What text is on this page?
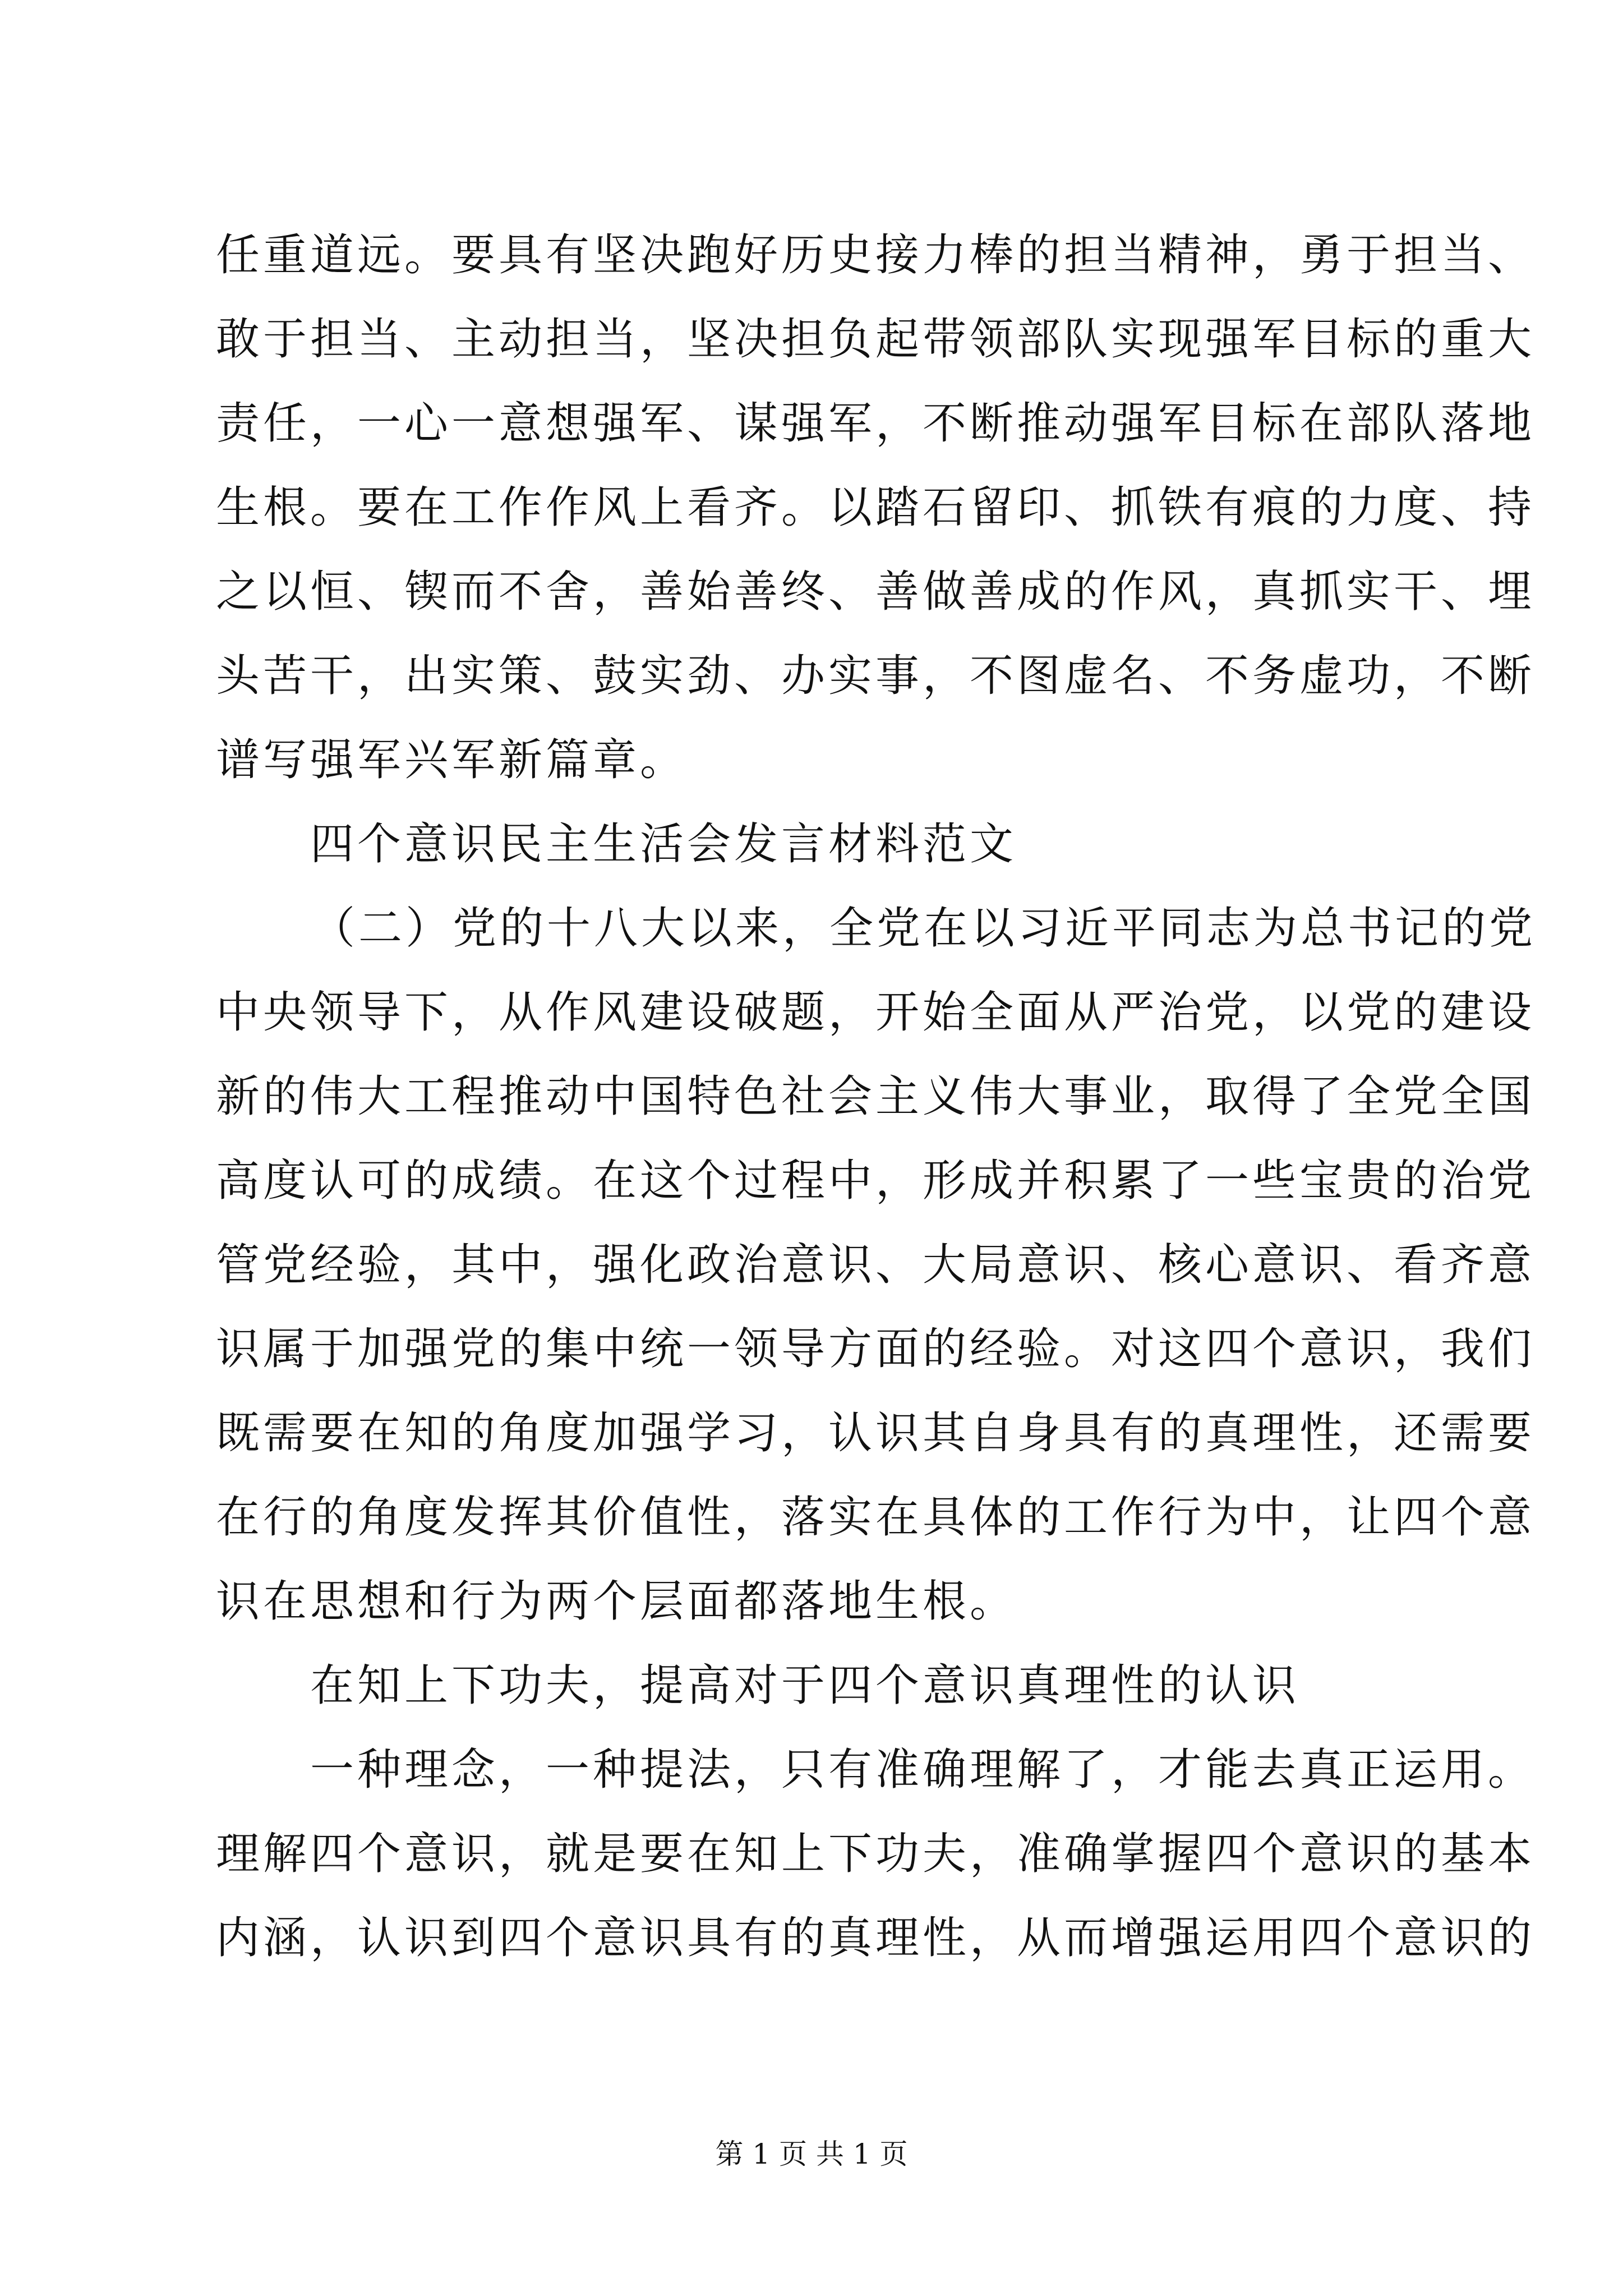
任重道远。要具有坚决跑好历史接力棒的担当精神，勇于担当、
敢于担当、主动担当，坚决担负起带领部队实现强军目标的重大
责任，一心一意想强军、谋强军，不断推动强军目标在部队落地
生根。要在工作作风上看齐。以踏石留印、抓铁有痕的力度、持
之以恒、锲而不舍，善始善终、善做善成的作风，真抓实干、埋
头苦干，出实策、鼓实劲、办实事，不图虚名、不务虚功，不断
谱写强军兴军新篇章。
四个意识民主生活会发言材料范文
（二）党的十八大以来，全党在以习近平同志为总书记的党
中央领导下，从作风建设破题，开始全面从严治党，以党的建设
新的伟大工程推动中国特色社会主义伟大事业，取得了全党全国
高度认可的成绩。在这个过程中，形成并积累了一些宝贵的治党
管党经验，其中，强化政治意识、大局意识、核心意识、看齐意
识属于加强党的集中统一领导方面的经验。对这四个意识，我们
既需要在知的角度加强学习，认识其自身具有的真理性，还需要
在行的角度发挥其价值性，落实在具体的工作行为中，让四个意
识在思想和行为两个层面都落地生根。
在知上下功夫，提高对于四个意识真理性的认识
一种理念，一种提法，只有准确理解了，才能去真正运用。
理解四个意识，就是要在知上下功夫，准确掌握四个意识的基本
内涵，认识到四个意识具有的真理性，从而增强运用四个意识的
第 1 页 共 1 页
